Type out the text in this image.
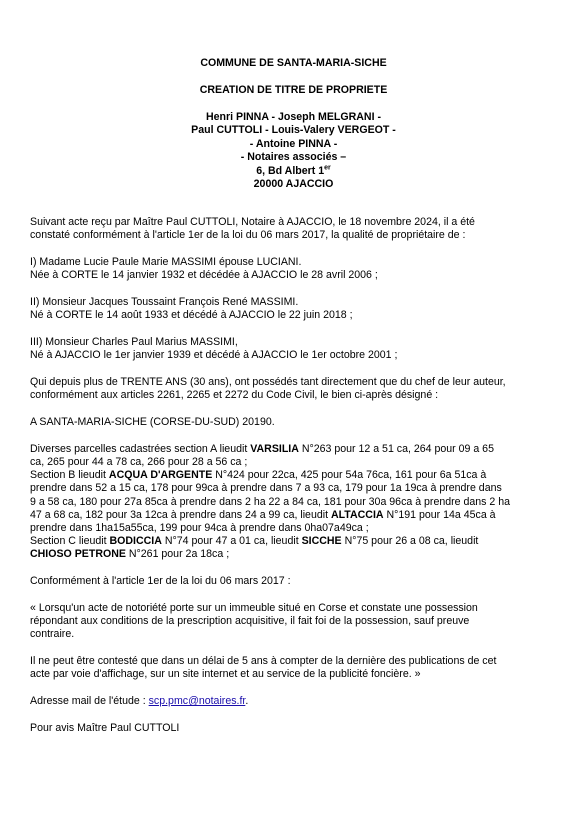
COMMUNE DE SANTA-MARIA-SICHE
CREATION DE TITRE DE PROPRIETE
Henri PINNA - Joseph MELGRANI -
Paul CUTTOLI - Louis-Valery VERGEOT -
- Antoine PINNA -
- Notaires associés –
6, Bd Albert 1er
20000 AJACCIO

Suivant acte reçu par Maître Paul CUTTOLI, Notaire à AJACCIO, le 18 novembre 2024, il a été
constaté conformément à l'article 1er de la loi du 06 mars 2017, la qualité de propriétaire de :

I) Madame Lucie Paule Marie MASSIMI épouse LUCIANI.
Née à CORTE le 14 janvier 1932 et décédée à AJACCIO le 28 avril 2006 ;

II) Monsieur Jacques Toussaint François René MASSIMI.
Né à CORTE le 14 août 1933 et décédé à AJACCIO le 22 juin 2018 ;

III) Monsieur Charles Paul Marius MASSIMI,
Né à AJACCIO le 1er janvier 1939 et décédé à AJACCIO le 1er octobre 2001 ;

Qui depuis plus de TRENTE ANS (30 ans), ont possédés tant directement que du chef de leur auteur,
conformément aux articles 2261, 2265 et 2272 du Code Civil, le bien ci-après désigné :

A SANTA-MARIA-SICHE (CORSE-DU-SUD) 20190.

Diverses parcelles cadastrées section A lieudit VARSILIA N°263 pour 12 a 51 ca, 264 pour 09 a 65
ca, 265 pour 44 a 78 ca, 266 pour 28 a 56 ca ;
Section B lieudit ACQUA D'ARGENTE N°424 pour 22ca, 425 pour 54a 76ca, 161 pour 6a 51ca à
prendre dans 52 a 15 ca, 178 pour 99ca à prendre dans 7 a 93 ca, 179 pour 1a 19ca à prendre dans
9 a 58 ca, 180 pour 27a 85ca à prendre dans 2 ha 22 a 84 ca, 181 pour 30a 96ca à prendre dans 2 ha
47 a 68 ca, 182 pour 3a 12ca à prendre dans 24 a 99 ca, lieudit ALTACCIA N°191 pour 14a 45ca à
prendre dans 1ha15a55ca, 199 pour 94ca à prendre dans 0ha07a49ca ;
Section C lieudit BODICCIA N°74 pour 47 a 01 ca, lieudit SICCHE N°75 pour 26 a 08 ca, lieudit
CHIOSO PETRONE N°261 pour 2a 18ca ;

Conformément à l'article 1er de la loi du 06 mars 2017 :

« Lorsqu'un acte de notoriété porte sur un immeuble situé en Corse et constate une possession
répondant aux conditions de la prescription acquisitive, il fait foi de la possession, sauf preuve
contraire.

Il ne peut être contesté que dans un délai de 5 ans à compter de la dernière des publications de cet
acte par voie d'affichage, sur un site internet et au service de la publicité foncière. »

Adresse mail de l'étude : scp.pmc@notaires.fr.

Pour avis Maître Paul CUTTOLI
